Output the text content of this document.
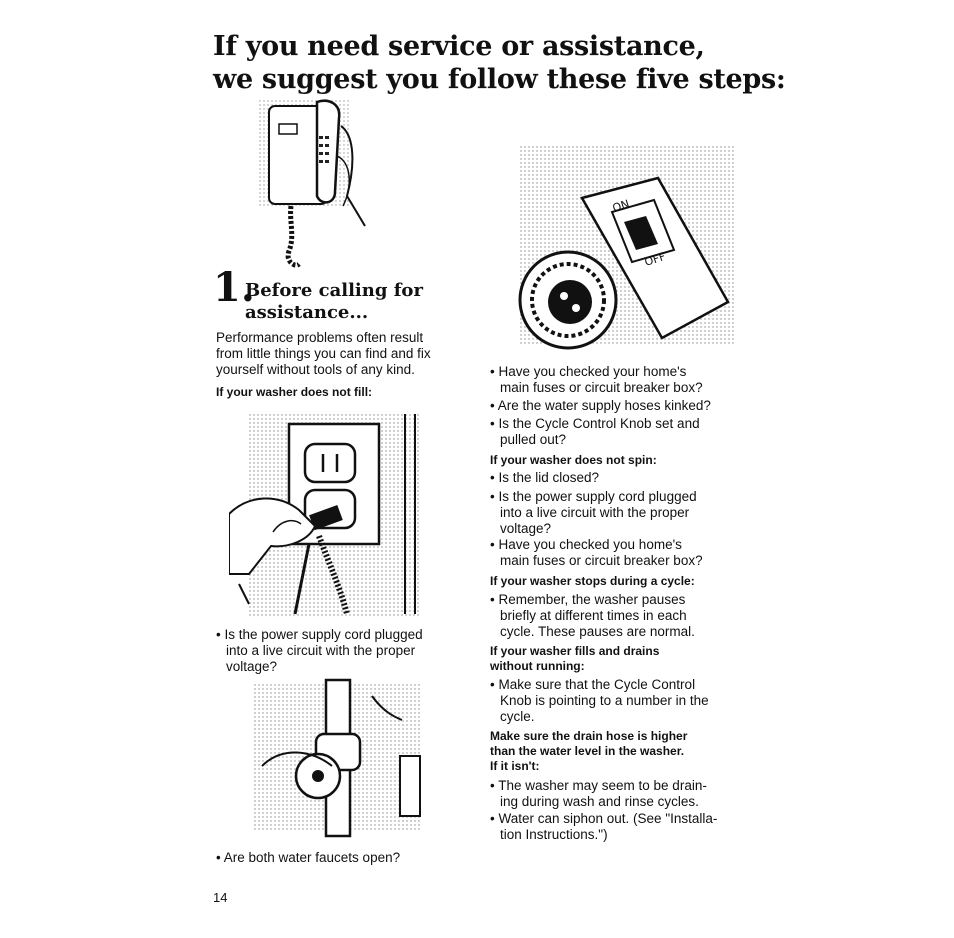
If you need service or assistance,
we suggest you follow these five steps:
1.
Before calling for
assistance...
Performance problems often result
from little things you can find and fix
yourself without tools of any kind.
If your washer does not fill:
• Is the power supply cord plugged
into a live circuit with the proper
voltage?
• Are both water faucets open?
ON
OFF
• Have you checked your home's
main fuses or circuit breaker box?
• Are the water supply hoses kinked?
• Is the Cycle Control Knob set and
pulled out?
If your washer does not spin:
• Is the lid closed?
• Is the power supply cord plugged
into a live circuit with the proper
voltage?
• Have you checked you home's
main fuses or circuit breaker box?
If your washer stops during a cycle:
• Remember, the washer pauses
briefly at different times in each
cycle. These pauses are normal.
If your washer fills and drains
without running:
• Make sure that the Cycle Control
Knob is pointing to a number in the
cycle.
Make sure the drain hose is higher
than the water level in the washer.
If it isn't:
• The washer may seem to be drain-
ing during wash and rinse cycles.
• Water can siphon out. (See "Installa-
tion Instructions.")
14
